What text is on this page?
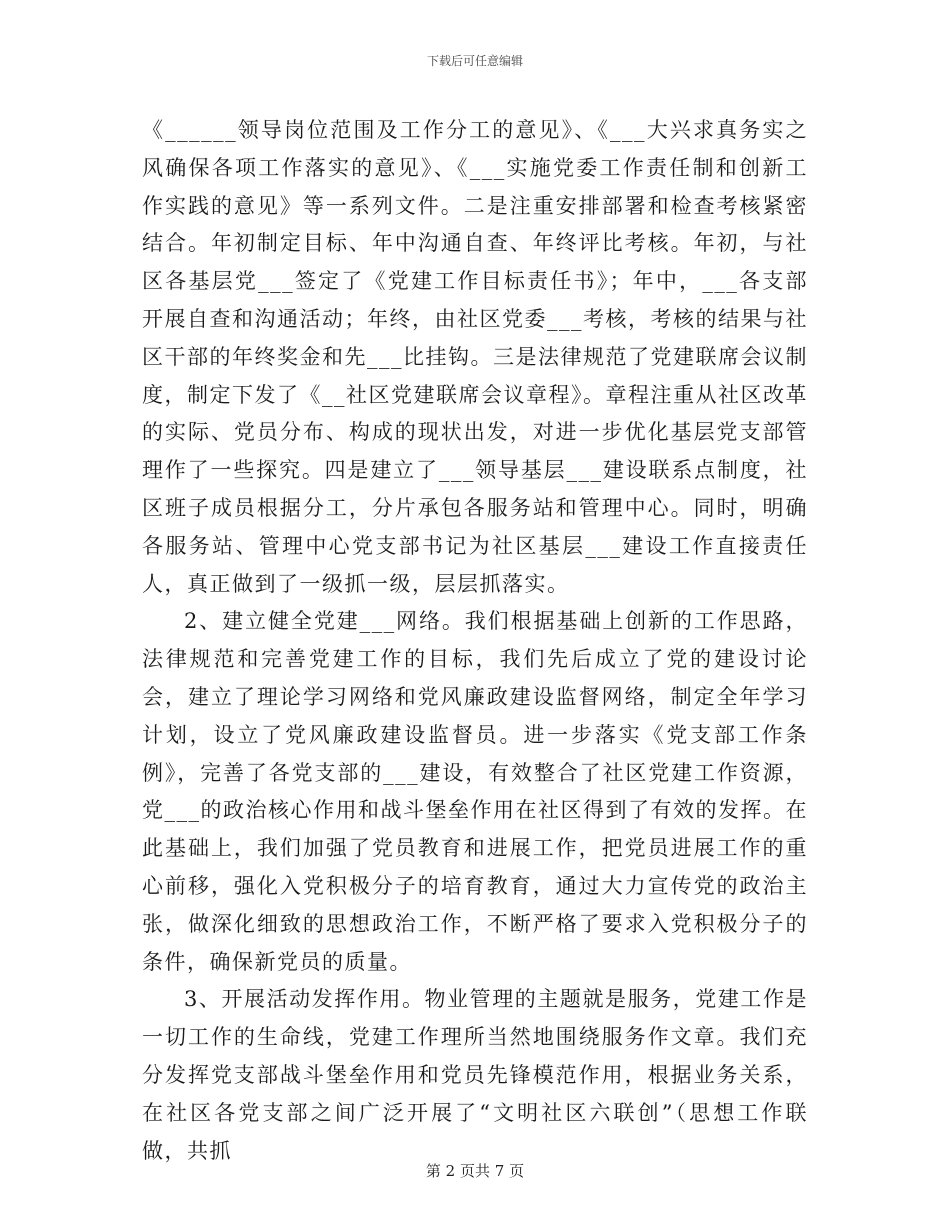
下载后可任意编辑

《______领导岗位范围及工作分工的意见》、《___大兴求真务实之风确保各项工作落实的意见》、《___实施党委工作责任制和创新工作实践的意见》等一系列文件。二是注重安排部署和检查考核紧密结合。年初制定目标、年中沟通自查、年终评比考核。年初，与社区各基层党___签定了《党建工作目标责任书》；年中，___各支部开展自查和沟通活动；年终，由社区党委___考核，考核的结果与社区干部的年终奖金和先___比挂钩。三是法律规范了党建联席会议制度，制定下发了《__社区党建联席会议章程》。章程注重从社区改革的实际、党员分布、构成的现状出发，对进一步优化基层党支部管理作了一些探究。四是建立了___领导基层___建设联系点制度，社区班子成员根据分工，分片承包各服务站和管理中心。同时，明确各服务站、管理中心党支部书记为社区基层___建设工作直接责任人，真正做到了一级抓一级，层层抓落实。

2、建立健全党建___网络。我们根据基础上创新的工作思路，法律规范和完善党建工作的目标，我们先后成立了党的建设讨论会，建立了理论学习网络和党风廉政建设监督网络，制定全年学习计划，设立了党风廉政建设监督员。进一步落实《党支部工作条例》，完善了各党支部的___建设，有效整合了社区党建工作资源，党___的政治核心作用和战斗堡垒作用在社区得到了有效的发挥。在此基础上，我们加强了党员教育和进展工作，把党员进展工作的重心前移，强化入党积极分子的培育教育，通过大力宣传党的政治主张，做深化细致的思想政治工作，不断严格了要求入党积极分子的条件，确保新党员的质量。

3、开展活动发挥作用。物业管理的主题就是服务，党建工作是一切工作的生命线，党建工作理所当然地围绕服务作文章。我们充分发挥党支部战斗堡垒作用和党员先锋模范作用，根据业务关系，在社区各党支部之间广泛开展了“文明社区六联创”（思想工作联做，共抓

第 2 页共 7 页
